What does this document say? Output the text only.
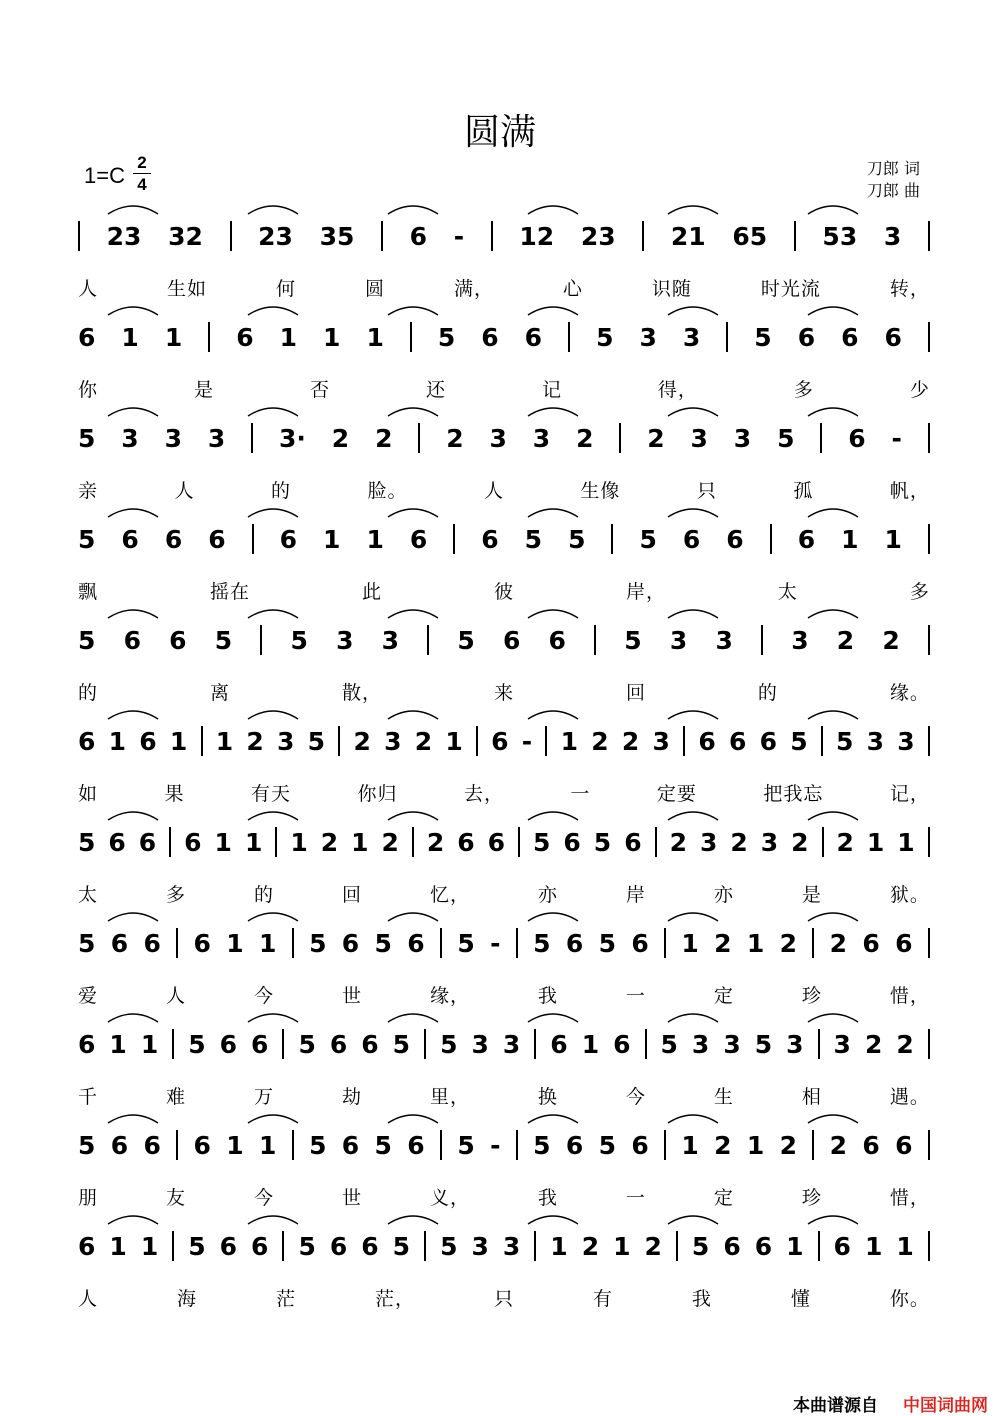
圆满
1=C
2
4
刀郎 词
刀郎 曲
23 32 23 35 6 - 12 23 21 65 53 3
人	生如	何	圆	满，	心	识随	时光流	转，
6 1 1 6 1 1 1 5 6 6 5 3 3 5 6 6 6
你	是	否	还	记	得，	多	少
5 3 3 3 3· 2 2 2 3 3 2 2 3 3 5 6 -
亲	人	的	脸。	人	生像	只	孤	帆，
5 6 6 6 6 1 1 6 6 5 5 5 6 6 6 1 1
飘	摇在	此	彼	岸，	太	多
5 6 6 5 5 3 3 5 6 6 5 3 3 3 2 2
的	离	散，	来	回	的	缘。
6 1 6 1 1 2 3 5 2 3 2 1 6 - 1 2 2 3 6 6 6 5 5 3 3
如	果	有天	你归	去，	一	定要	把我忘	记，
5 6 6 6 1 1 1 2 1 2 2 6 6 5 6 5 6 2 3 2 3 2 2 1 1
太	多	的	回	忆，	亦	岸	亦	是	狱。
5 6 6 6 1 1 5 6 5 6 5 - 5 6 5 6 1 2 1 2 2 6 6
爱	人	今	世	缘，	我	一	定	珍	惜，
6 1 1 5 6 6 5 6 6 5 5 3 3 6 1 6 5 3 3 5 3 3 2 2
千	难	万	劫	里，	换	今	生	相	遇。
5 6 6 6 1 1 5 6 5 6 5 - 5 6 5 6 1 2 1 2 2 6 6
朋	友	今	世	义，	我	一	定	珍	惜，
6 1 1 5 6 6 5 6 6 5 5 3 3 1 2 1 2 5 6 6 1 6 1 1
人	海	茫	茫，	只	有	我	懂	你。
本曲谱源自 中国词曲网
